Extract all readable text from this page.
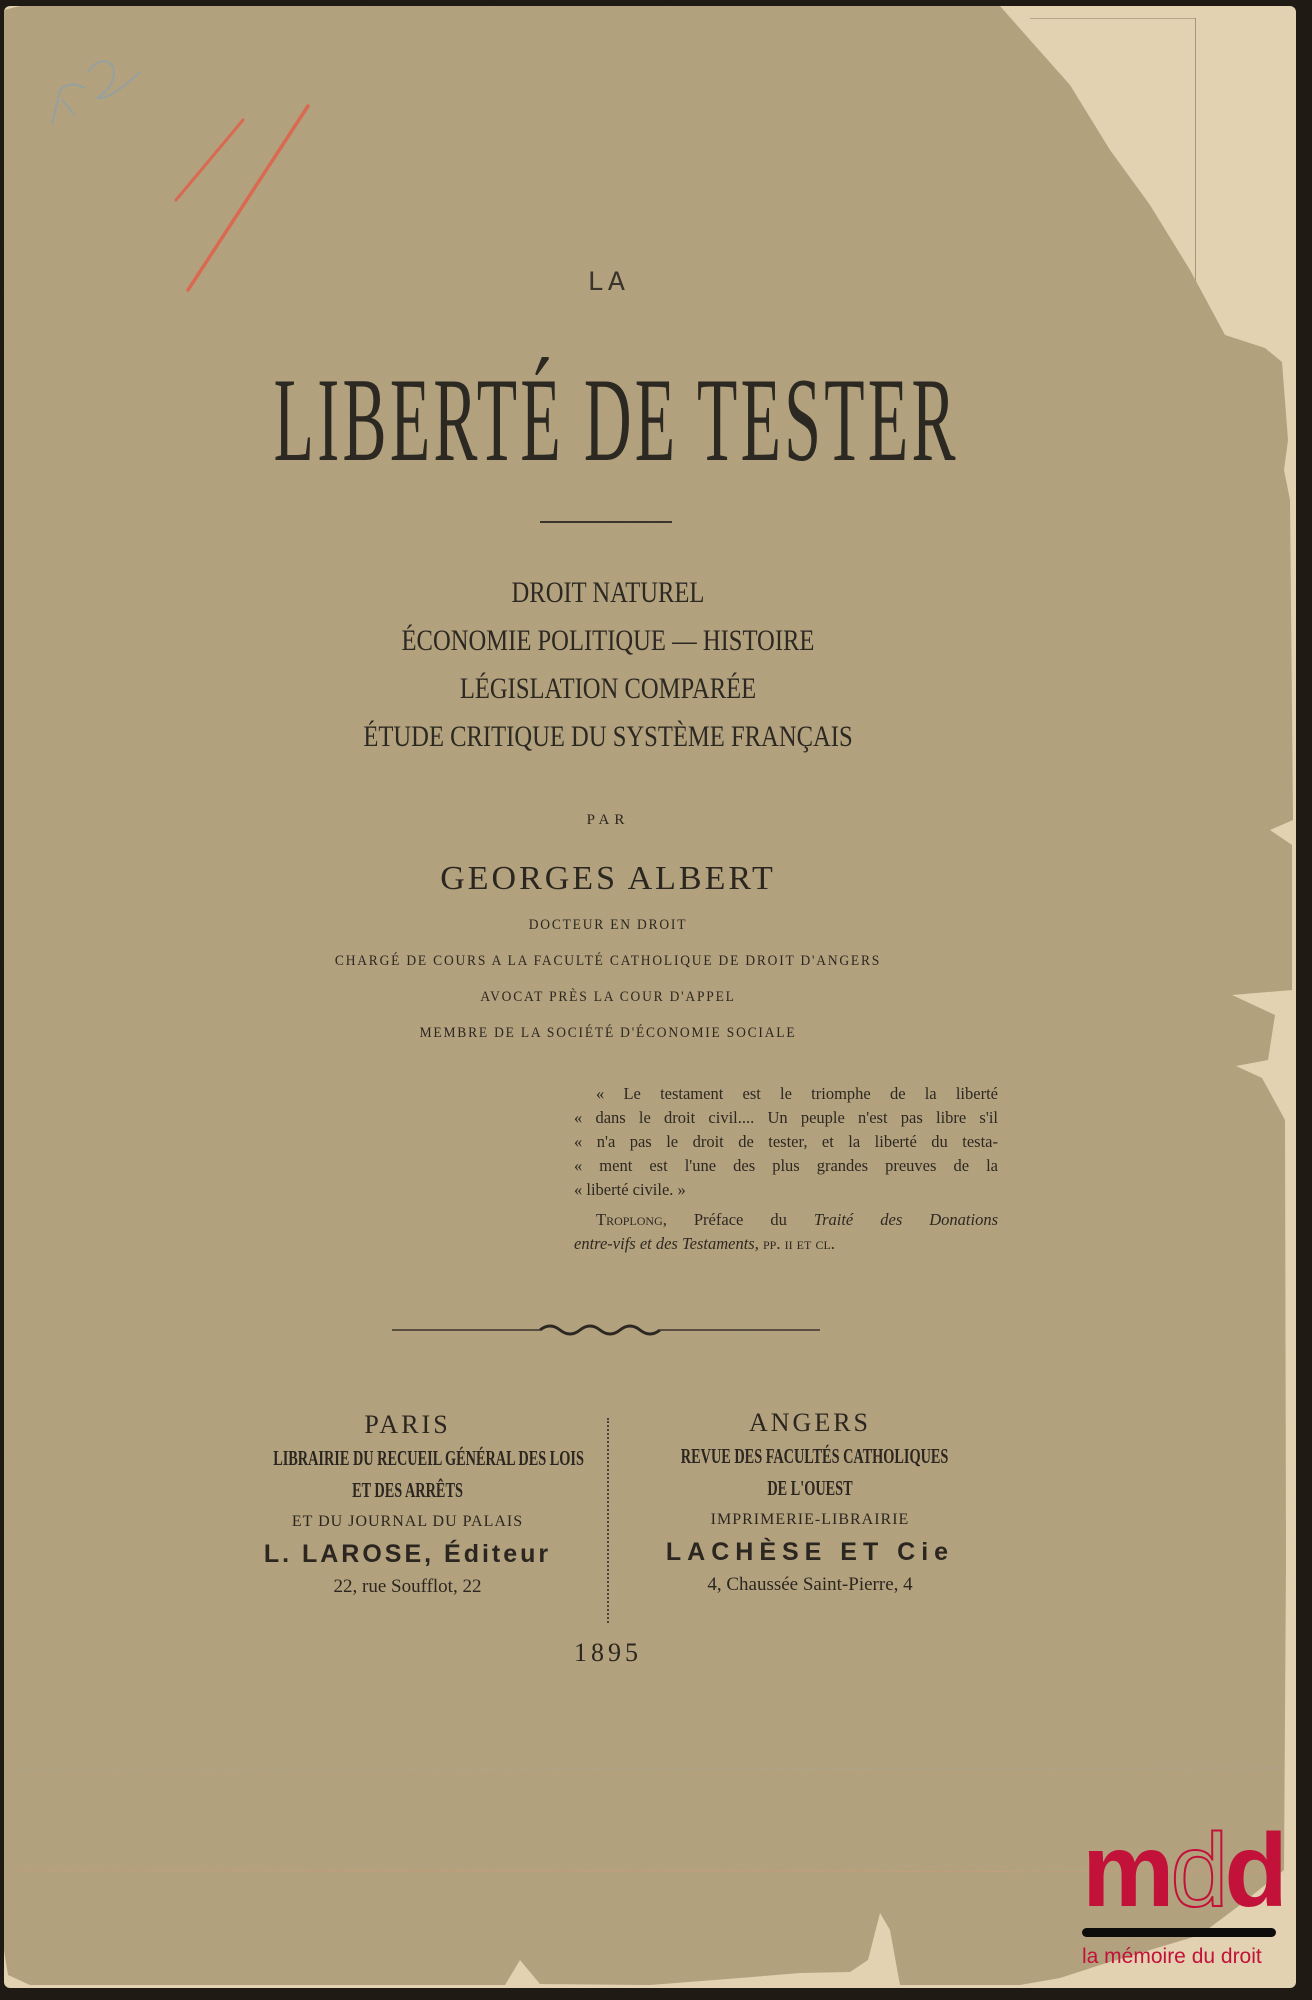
LA
LIBERTÉ DE TESTER
DROIT NATUREL
ÉCONOMIE POLITIQUE — HISTOIRE
LÉGISLATION COMPARÉE
ÉTUDE CRITIQUE DU SYSTÈME FRANÇAIS
PAR
GEORGES ALBERT
DOCTEUR EN DROIT
CHARGÉ DE COURS A LA FACULTÉ CATHOLIQUE DE DROIT D'ANGERS
AVOCAT PRÈS LA COUR D'APPEL
MEMBRE DE LA SOCIÉTÉ D'ÉCONOMIE SOCIALE
« Le testament est le triomphe de la liberté
« dans le droit civil.... Un peuple n'est pas libre s'il
« n'a pas le droit de tester, et la liberté du testa-
« ment est l'une des plus grandes preuves de la
« liberté civile. »
Troplong, Préface du Traité des Donations
entre-vifs et des Testaments, pp. ii et cl.
PARIS
LIBRAIRIE DU RECUEIL GÉNÉRAL DES LOIS
ET DES ARRÊTS
ET DU JOURNAL DU PALAIS
L. LAROSE, Éditeur
22, rue Soufflot, 22
ANGERS
REVUE DES FACULTÉS CATHOLIQUES
DE L'OUEST
IMPRIMERIE-LIBRAIRIE
LACHÈSE ET Cie
4, Chaussée Saint-Pierre, 4
1895
mdd
la mémoire du droit
